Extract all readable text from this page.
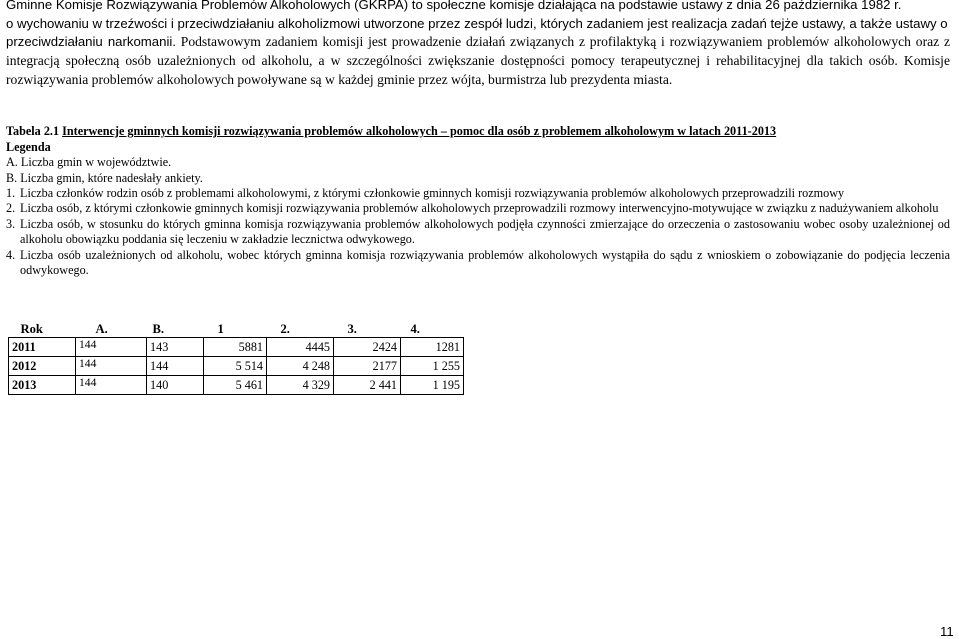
Gminne Komisje Rozwiązywania Problemów Alkoholowych (GKRPA) to społeczne komisje działająca na podstawie ustawy z dnia 26 października 1982 r.

o wychowaniu w trzeźwości i przeciwdziałaniu alkoholizmowi utworzone przez zespół ludzi, których zadaniem jest realizacja zadań tejże ustawy, a także ustawy o

przeciwdziałaniu narkomanii. Podstawowym zadaniem komisji jest prowadzenie działań związanych z profilaktyką i rozwiązywaniem problemów alkoholowych oraz z integracją społeczną osób uzależnionych od alkoholu, a w szczególności zwiększanie dostępności pomocy terapeutycznej i rehabilitacyjnej dla takich osób. Komisje rozwiązywania problemów alkoholowych powoływane są w każdej gminie przez wójta, burmistrza lub prezydenta miasta.

Tabela 2.1 Interwencje gminnych komisji rozwiązywania problemów alkoholowych – pomoc dla osób z problemem alkoholowym w latach 2011-2013

Legenda

A. Liczba gmin w województwie.

B. Liczba gmin, które nadesłały ankiety.

1. Liczba członków rodzin osób z problemami alkoholowymi, z którymi członkowie gminnych komisji rozwiązywania problemów alkoholowych przeprowadzili rozmowy
2. Liczba osób, z którymi członkowie gminnych komisji rozwiązywania problemów alkoholowych przeprowadzili rozmowy interwencyjno-motywujące w związku z nadużywaniem alkoholu
3. Liczba osób, w stosunku do których gminna komisja rozwiązywania problemów alkoholowych podjęła czynności zmierzające do orzeczenia o zastosowaniu wobec osoby uzależnionej od alkoholu obowiązku poddania się leczeniu w zakładzie lecznictwa odwykowego.
4. Liczba osób uzależnionych od alkoholu, wobec których gminna komisja rozwiązywania problemów alkoholowych wystąpiła do sądu z wnioskiem o zobowiązanie do podjęcia leczenia odwykowego.
Rok	A.	B.	1	2.	3.	4.
2011	144	143	5881	4445	2424	1281
2012	144	144	5 514	4 248	2177	1 255
2013	144	140	5 461	4 329	2 441	1 195
11
